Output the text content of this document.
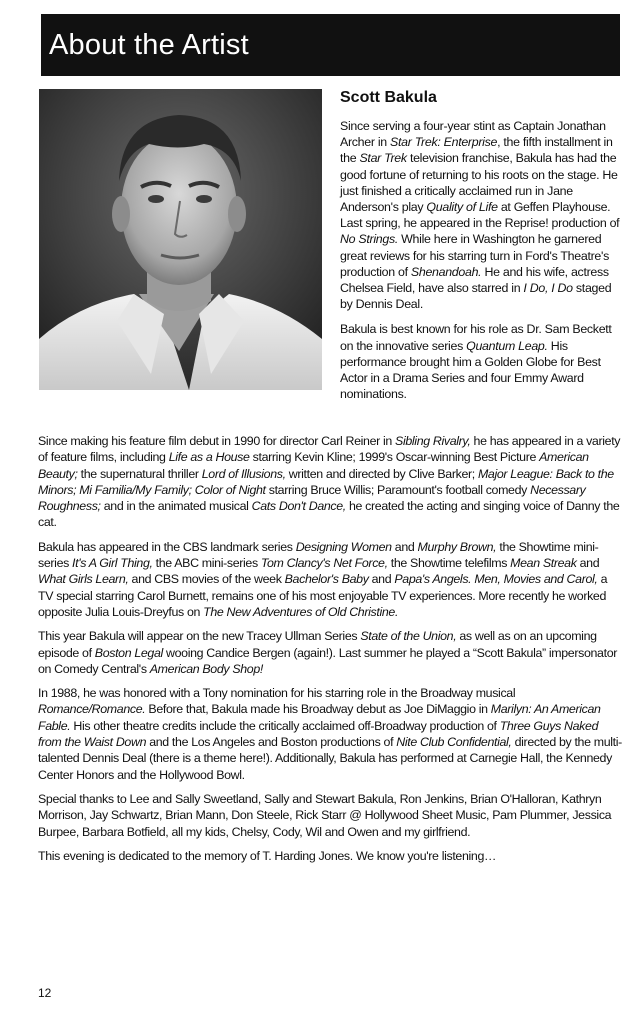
About the Artist
Scott Bakula

Since serving a four-year stint as Captain Jonathan Archer in Star Trek: Enterprise, the fifth installment in the Star Trek television franchise, Bakula has had the good fortune of returning to his roots on the stage. He just finished a critically acclaimed run in Jane Anderson's play Quality of Life at Geffen Playhouse. Last spring, he appeared in the Reprise! production of No Strings. While here in Washington he garnered great reviews for his starring turn in Ford's Theatre's production of Shenandoah. He and his wife, actress Chelsea Field, have also starred in I Do, I Do staged by Dennis Deal.

Bakula is best known for his role as Dr. Sam Beckett on the innovative series Quantum Leap. His performance brought him a Golden Globe for Best Actor in a Drama Series and four Emmy Award nominations.

Since making his feature film debut in 1990 for director Carl Reiner in Sibling Rivalry, he has appeared in a variety of feature films, including Life as a House starring Kevin Kline; 1999's Oscar-winning Best Picture American Beauty; the supernatural thriller Lord of Illusions, written and directed by Clive Barker; Major League: Back to the Minors; Mi Familia/My Family; Color of Night starring Bruce Willis; Paramount's football comedy Necessary Roughness; and in the animated musical Cats Don't Dance, he created the acting and singing voice of Danny the cat.

Bakula has appeared in the CBS landmark series Designing Women and Murphy Brown, the Showtime mini-series It's A Girl Thing, the ABC mini-series Tom Clancy's Net Force, the Showtime telefilms Mean Streak and What Girls Learn, and CBS movies of the week Bachelor's Baby and Papa's Angels. Men, Movies and Carol, a TV special starring Carol Burnett, remains one of his most enjoyable TV experiences. More recently he worked opposite Julia Louis-Dreyfus on The New Adventures of Old Christine.

This year Bakula will appear on the new Tracey Ullman Series State of the Union, as well as on an upcoming episode of Boston Legal wooing Candice Bergen (again!). Last summer he played a “Scott Bakula” impersonator on Comedy Central's American Body Shop!

In 1988, he was honored with a Tony nomination for his starring role in the Broadway musical Romance/Romance. Before that, Bakula made his Broadway debut as Joe DiMaggio in Marilyn: An American Fable. His other theatre credits include the critically acclaimed off-Broadway production of Three Guys Naked from the Waist Down and the Los Angeles and Boston productions of Nite Club Confidential, directed by the multi-talented Dennis Deal (there is a theme here!). Additionally, Bakula has performed at Carnegie Hall, the Kennedy Center Honors and the Hollywood Bowl.

Special thanks to Lee and Sally Sweetland, Sally and Stewart Bakula, Ron Jenkins, Brian O'Halloran, Kathryn Morrison, Jay Schwartz, Brian Mann, Don Steele, Rick Starr @ Hollywood Sheet Music, Pam Plummer, Jessica Burpee, Barbara Botfield, all my kids, Chelsy, Cody, Wil and Owen and my girlfriend.

This evening is dedicated to the memory of T. Harding Jones. We know you're listening…

12
